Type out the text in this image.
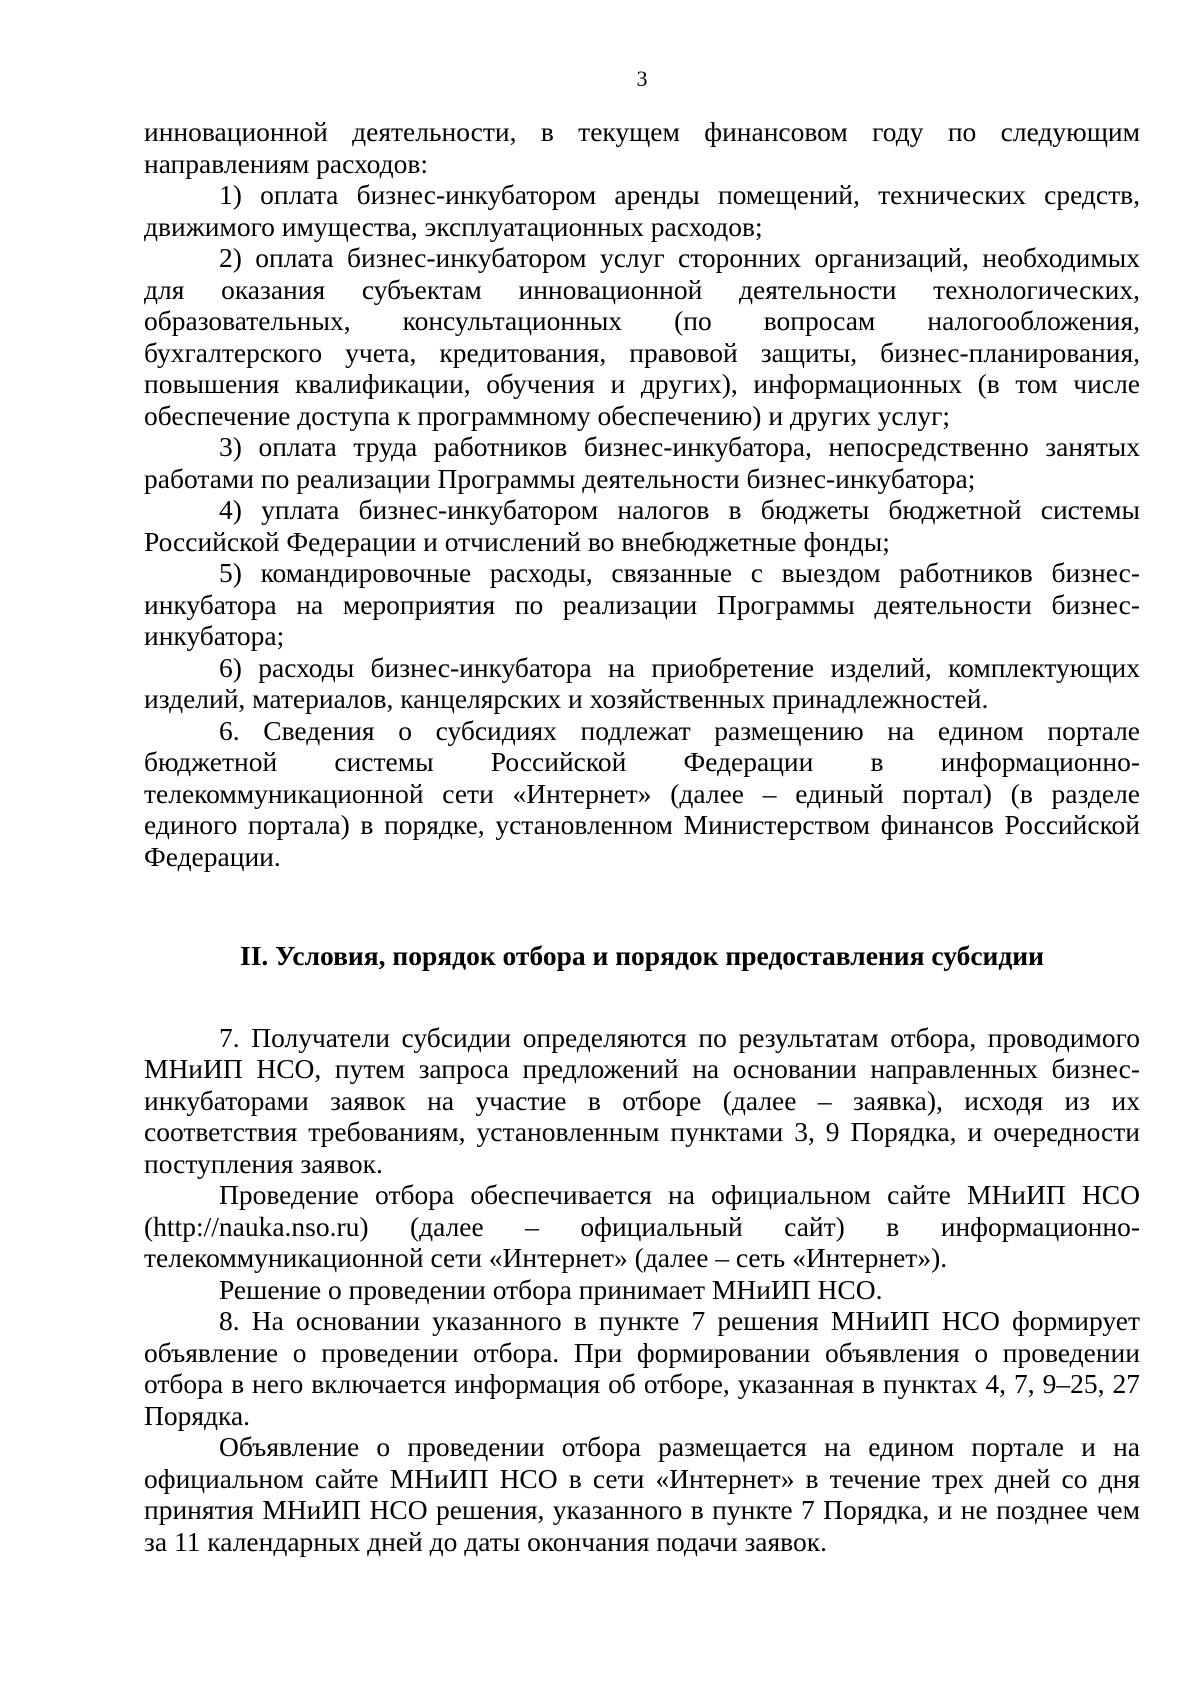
3

инновационной деятельности, в текущем финансовом году по следующим направлениям расходов:

1) оплата бизнес-инкубатором аренды помещений, технических средств, движимого имущества, эксплуатационных расходов;

2) оплата бизнес-инкубатором услуг сторонних организаций, необходимых для оказания субъектам инновационной деятельности технологических, образовательных, консультационных (по вопросам налогообложения, бухгалтерского учета, кредитования, правовой защиты, бизнес-планирования, повышения квалификации, обучения и других), информационных (в том числе обеспечение доступа к программному обеспечению) и других услуг;

3) оплата труда работников бизнес-инкубатора, непосредственно занятых работами по реализации Программы деятельности бизнес-инкубатора;

4) уплата бизнес-инкубатором налогов в бюджеты бюджетной системы Российской Федерации и отчислений во внебюджетные фонды;

5) командировочные расходы, связанные с выездом работников бизнес-инкубатора на мероприятия по реализации Программы деятельности бизнес-инкубатора;

6) расходы бизнес-инкубатора на приобретение изделий, комплектующих изделий, материалов, канцелярских и хозяйственных принадлежностей.

6. Сведения о субсидиях подлежат размещению на едином портале бюджетной системы Российской Федерации в информационно-телекоммуникационной сети «Интернет» (далее – единый портал) (в разделе единого портала) в порядке, установленном Министерством финансов Российской Федерации.

II. Условия, порядок отбора и порядок предоставления субсидии

7. Получатели субсидии определяются по результатам отбора, проводимого МНиИП НСО, путем запроса предложений на основании направленных бизнес-инкубаторами заявок на участие в отборе (далее – заявка), исходя из их соответствия требованиям, установленным пунктами 3, 9 Порядка, и очередности поступления заявок.

Проведение отбора обеспечивается на официальном сайте МНиИП НСО (http://nauka.nso.ru) (далее – официальный сайт) в информационно-телекоммуникационной сети «Интернет» (далее – сеть «Интернет»).

Решение о проведении отбора принимает МНиИП НСО.

8. На основании указанного в пункте 7 решения МНиИП НСО формирует объявление о проведении отбора. При формировании объявления о проведении отбора в него включается информация об отборе, указанная в пунктах 4, 7, 9–25, 27 Порядка.

Объявление о проведении отбора размещается на едином портале и на официальном сайте МНиИП НСО в сети «Интернет» в течение трех дней со дня принятия МНиИП НСО решения, указанного в пункте 7 Порядка, и не позднее чем за 11 календарных дней до даты окончания подачи заявок.
